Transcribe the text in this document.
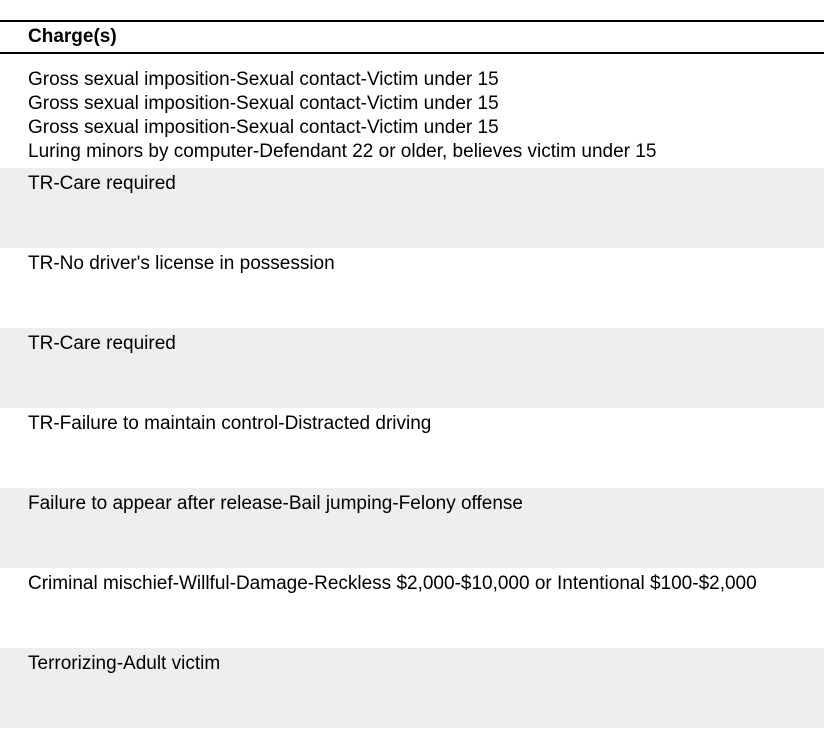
Charge(s)
Gross sexual imposition-Sexual contact-Victim under 15
Gross sexual imposition-Sexual contact-Victim under 15
Gross sexual imposition-Sexual contact-Victim under 15
Luring minors by computer-Defendant 22 or older, believes victim under 15
TR-Care required
TR-No driver's license in possession
TR-Care required
TR-Failure to maintain control-Distracted driving
Failure to appear after release-Bail jumping-Felony offense
Criminal mischief-Willful-Damage-Reckless $2,000-$10,000 or Intentional $100-$2,000
Terrorizing-Adult victim
